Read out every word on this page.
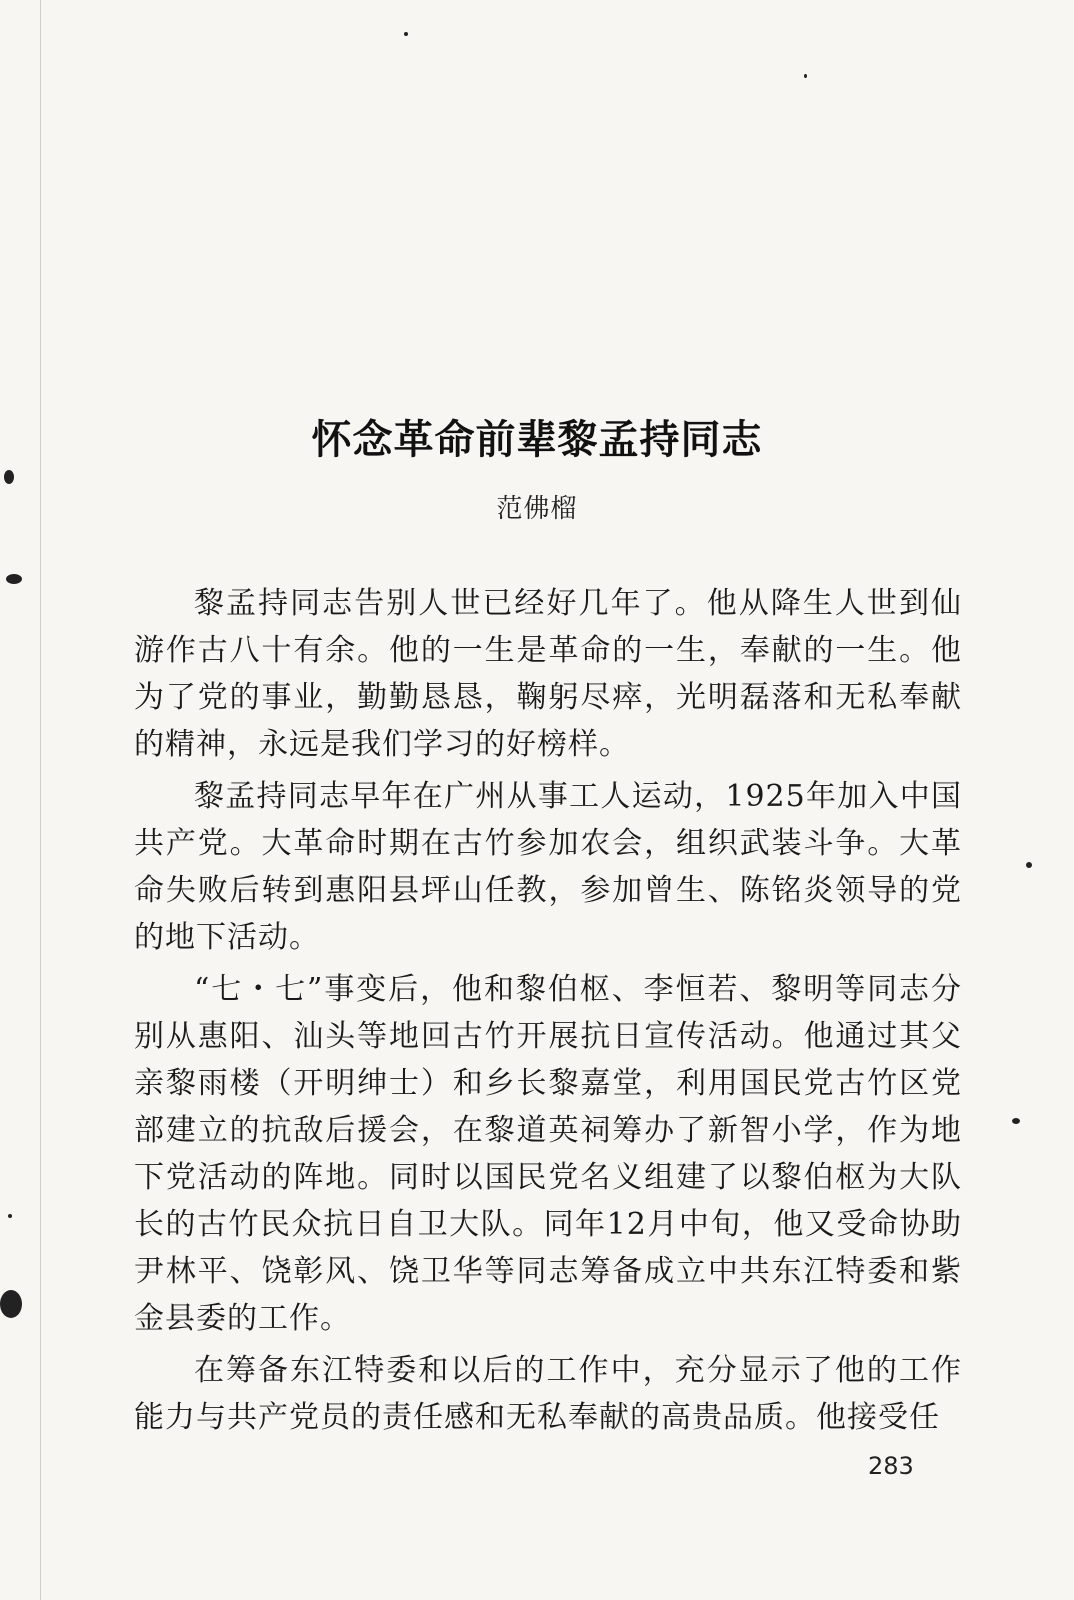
怀念革命前辈黎孟持同志
范佛榴

黎孟持同志告别人世已经好几年了。他从降生人世到仙游作古八十有余。他的一生是革命的一生，奉献的一生。他为了党的事业，勤勤恳恳，鞠躬尽瘁，光明磊落和无私奉献的精神，永远是我们学习的好榜样。

黎孟持同志早年在广州从事工人运动，1925年加入中国共产党。大革命时期在古竹参加农会，组织武装斗争。大革命失败后转到惠阳县坪山任教，参加曾生、陈铭炎领导的党的地下活动。

“七・七”事变后，他和黎伯枢、李恒若、黎明等同志分别从惠阳、汕头等地回古竹开展抗日宣传活动。他通过其父亲黎雨楼（开明绅士）和乡长黎嘉堂，利用国民党古竹区党部建立的抗敌后援会，在黎道英祠筹办了新智小学，作为地下党活动的阵地。同时以国民党名义组建了以黎伯枢为大队长的古竹民众抗日自卫大队。同年12月中旬，他又受命协助尹林平、饶彰风、饶卫华等同志筹备成立中共东江特委和紫金县委的工作。

在筹备东江特委和以后的工作中，充分显示了他的工作能力与共产党员的责任感和无私奉献的高贵品质。他接受任

283
